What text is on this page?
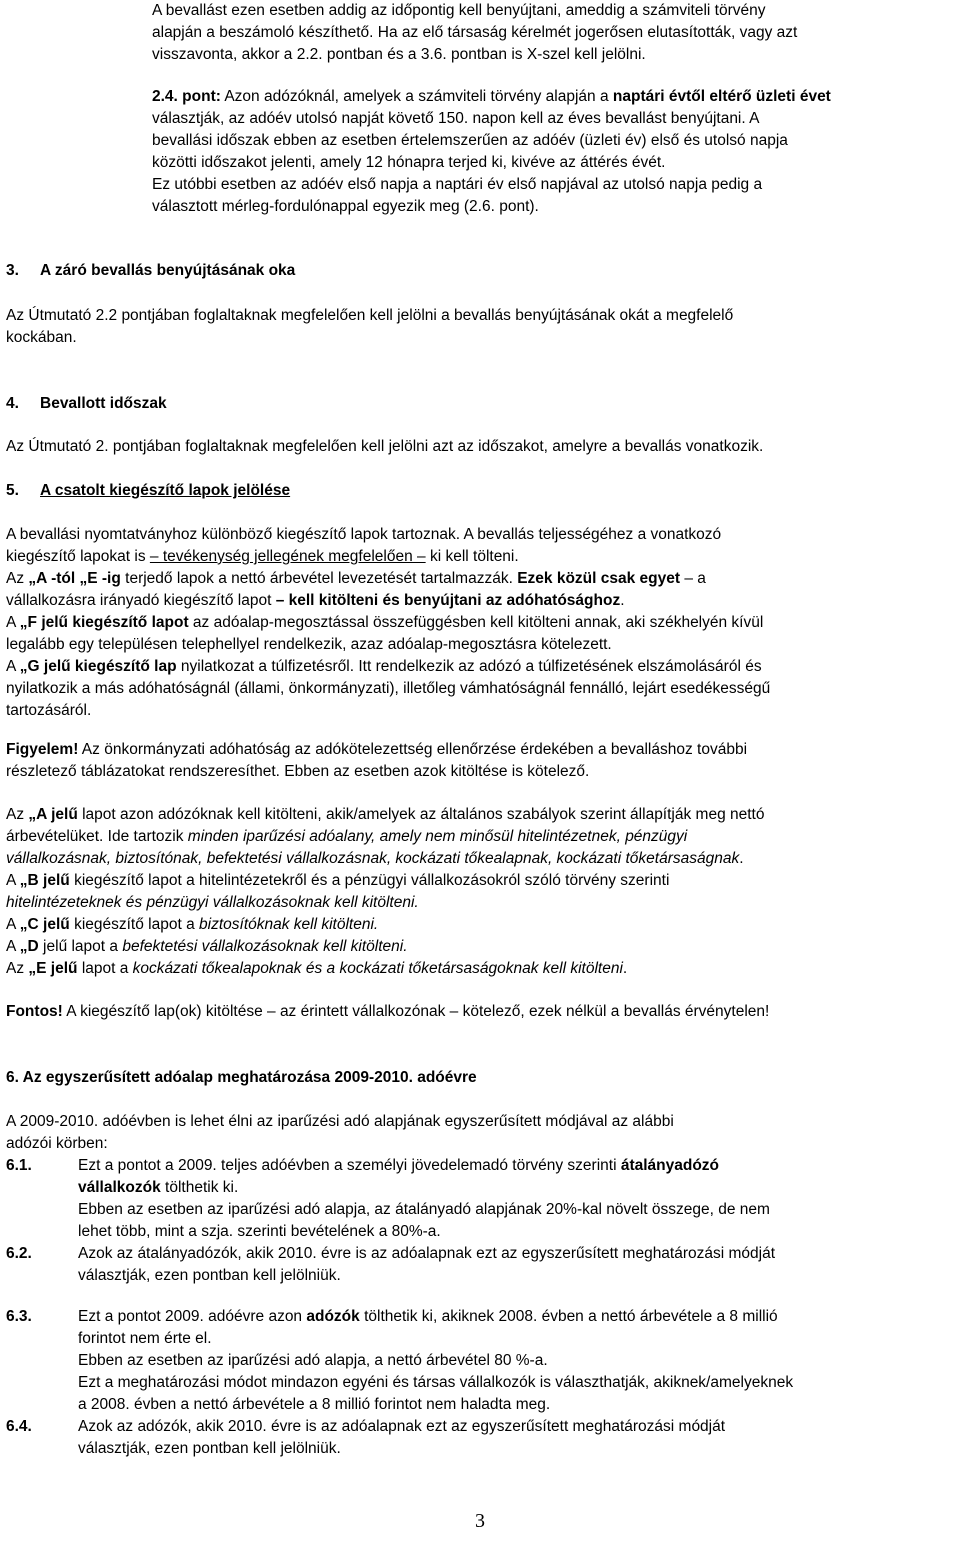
A bevallást ezen esetben addig az időpontig kell benyújtani, ameddig a számviteli törvény
alapján a beszámoló készíthető. Ha az elő társaság kérelmét jogerősen elutasították, vagy azt
visszavonta, akkor a 2.2. pontban és a 3.6. pontban is X-szel kell jelölni.
2.4. pont: Azon adózóknál, amelyek a számviteli törvény alapján a naptári évtől eltérő üzleti évet
választják, az adóév utolsó napját követő 150. napon kell az éves bevallást benyújtani. A
bevallási időszak ebben az esetben értelemszerűen az adóév (üzleti év) első és utolsó napja
közötti időszakot jelenti, amely 12 hónapra terjed ki, kivéve az áttérés évét.
Ez utóbbi esetben az adóév első napja a naptári év első napjával az utolsó napja pedig a
választott mérleg-fordulónappal egyezik meg (2.6. pont).
3. A záró bevallás benyújtásának oka
Az Útmutató 2.2 pontjában foglaltaknak megfelelően kell jelölni a bevallás benyújtásának okát a megfelelő
kockában.
4. Bevallott időszak
Az Útmutató 2. pontjában foglaltaknak megfelelően kell jelölni azt az időszakot, amelyre a bevallás vonatkozik.
5. A csatolt kiegészítő lapok jelölése
A bevallási nyomtatványhoz különböző kiegészítő lapok tartoznak. A bevallás teljességéhez a vonatkozó
kiegészítő lapokat is – tevékenység jellegének megfelelően – ki kell tölteni.
Az „A -tól „E -ig terjedő lapok a nettó árbevétel levezetését tartalmazzák. Ezek közül csak egyet – a
vállalkozásra irányadó kiegészítő lapot – kell kitölteni és benyújtani az adóhatósághoz.
A „F jelű kiegészítő lapot az adóalap-megosztással összefüggésben kell kitölteni annak, aki székhelyén kívül
legalább egy településen telephellyel rendelkezik, azaz adóalap-megosztásra kötelezett.
A „G jelű kiegészítő lap nyilatkozat a túlfizetésről. Itt rendelkezik az adózó a túlfizetésének elszámolásáról és
nyilatkozik a más adóhatóságnál (állami, önkormányzati), illetőleg vámhatóságnál fennálló, lejárt esedékességű
tartozásáról.
Figyelem! Az önkormányzati adóhatóság az adókötelezettség ellenőrzése érdekében a bevalláshoz további
részletező táblázatokat rendszeresíthet. Ebben az esetben azok kitöltése is kötelező.
Az „A jelű lapot azon adózóknak kell kitölteni, akik/amelyek az általános szabályok szerint állapítják meg nettó
árbevételüket. Ide tartozik minden iparűzési adóalany, amely nem minősül hitelintézetnek, pénzügyi
vállalkozásnak, biztosítónak, befektetési vállalkozásnak, kockázati tőkealapnak, kockázati tőketársaságnak.
A „B jelű kiegészítő lapot a hitelintézetekről és a pénzügyi vállalkozásokról szóló törvény szerinti
hitelintézeteknek és pénzügyi vállalkozásoknak kell kitölteni.
A „C jelű kiegészítő lapot a biztosítóknak kell kitölteni.
A „D jelű lapot a befektetési vállalkozásoknak kell kitölteni.
Az „E jelű lapot a kockázati tőkealapoknak és a kockázati tőketársaságoknak kell kitölteni.
Fontos! A kiegészítő lap(ok) kitöltése – az érintett vállalkozónak – kötelező, ezek nélkül a bevallás érvénytelen!
6. Az egyszerűsített adóalap meghatározása 2009-2010. adóévre
A 2009-2010. adóévben is lehet élni az iparűzési adó alapjának egyszerűsített módjával az alábbi
adózói körben:
6.1.	Ezt a pontot a 2009. teljes adóévben a személyi jövedelemadó törvény szerinti átalányadózó
vállalkozók tölthetik ki.
Ebben az esetben az iparűzési adó alapja, az átalányadó alapjának 20%-kal növelt összege, de nem
lehet több, mint a szja. szerinti bevételének a 80%-a.
6.2.	Azok az átalányadózók, akik 2010. évre is az adóalapnak ezt az egyszerűsített meghatározási módját
választják, ezen pontban kell jelölniük.
6.3.	Ezt a pontot 2009. adóévre azon adózók tölthetik ki, akiknek 2008. évben a nettó árbevétele a 8 millió
forintot nem érte el.
Ebben az esetben az iparűzési adó alapja, a nettó árbevétel 80 %-a.
Ezt a meghatározási módot mindazon egyéni és társas vállalkozók is választhatják, akiknek/amelyeknek
a 2008. évben a nettó árbevétele a 8 millió forintot nem haladta meg.
6.4.	Azok az adózók, akik 2010. évre is az adóalapnak ezt az egyszerűsített meghatározási módját
választják, ezen pontban kell jelölniük.
3
